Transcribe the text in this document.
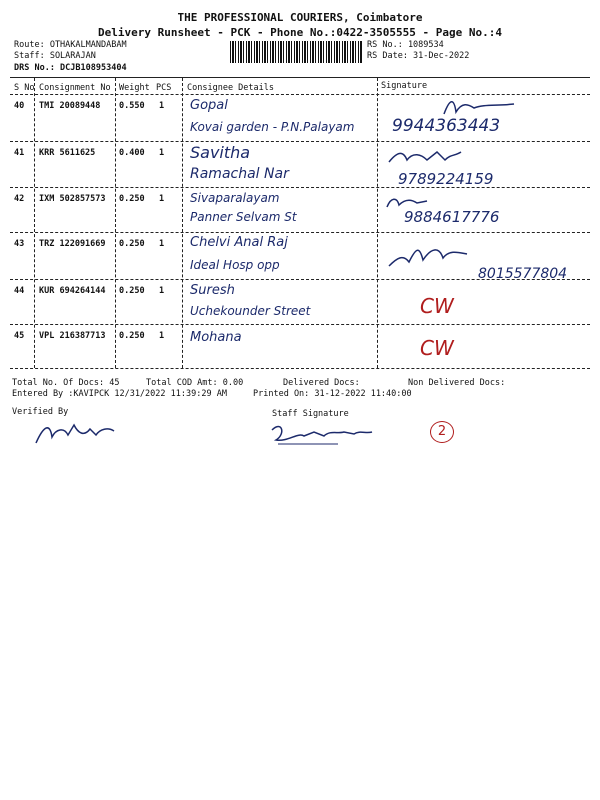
THE PROFESSIONAL COURIERS, Coimbatore
Delivery Runsheet - PCK - Phone No.:0422-3505555 - Page No.:4
Route: OTHAKALMANDABAM
Staff: SOLARAJAN
DRS No.: DCJB108953404
RS No.: 1089534
RS Date: 31-Dec-2022
S No Consignment No Weight PCS Consignee Details	Signature
40 TMI 20089448 0.550 1 Gopal
Kovai garden - P.N.Palayam 9944363443
41 KRR 5611625	0.400 1 Savitha
Ramachal Nar	9789224159
42 IXM 502857573 0.250 1 Sivaparalayam
Panner Selvam St	9884617776
43 TRZ 122091669 0.250 1 Chelvi Anal Raj
Ideal Hosp opp
8015577804
44 KUR 694264144 0.250 1 Suresh
Uchekounder Street	CW
45 VPL 216387713 0.250 1 Mohana	CW
Total No. Of Docs: 45	Total COD Amt: 0.00	Delivered Docs:	Non Delivered Docs:
Entered By :KAVIPCK 12/31/2022 11:39:29 AM	Printed On: 31-12-2022 11:40:00
Verified By	Staff Signature
2
